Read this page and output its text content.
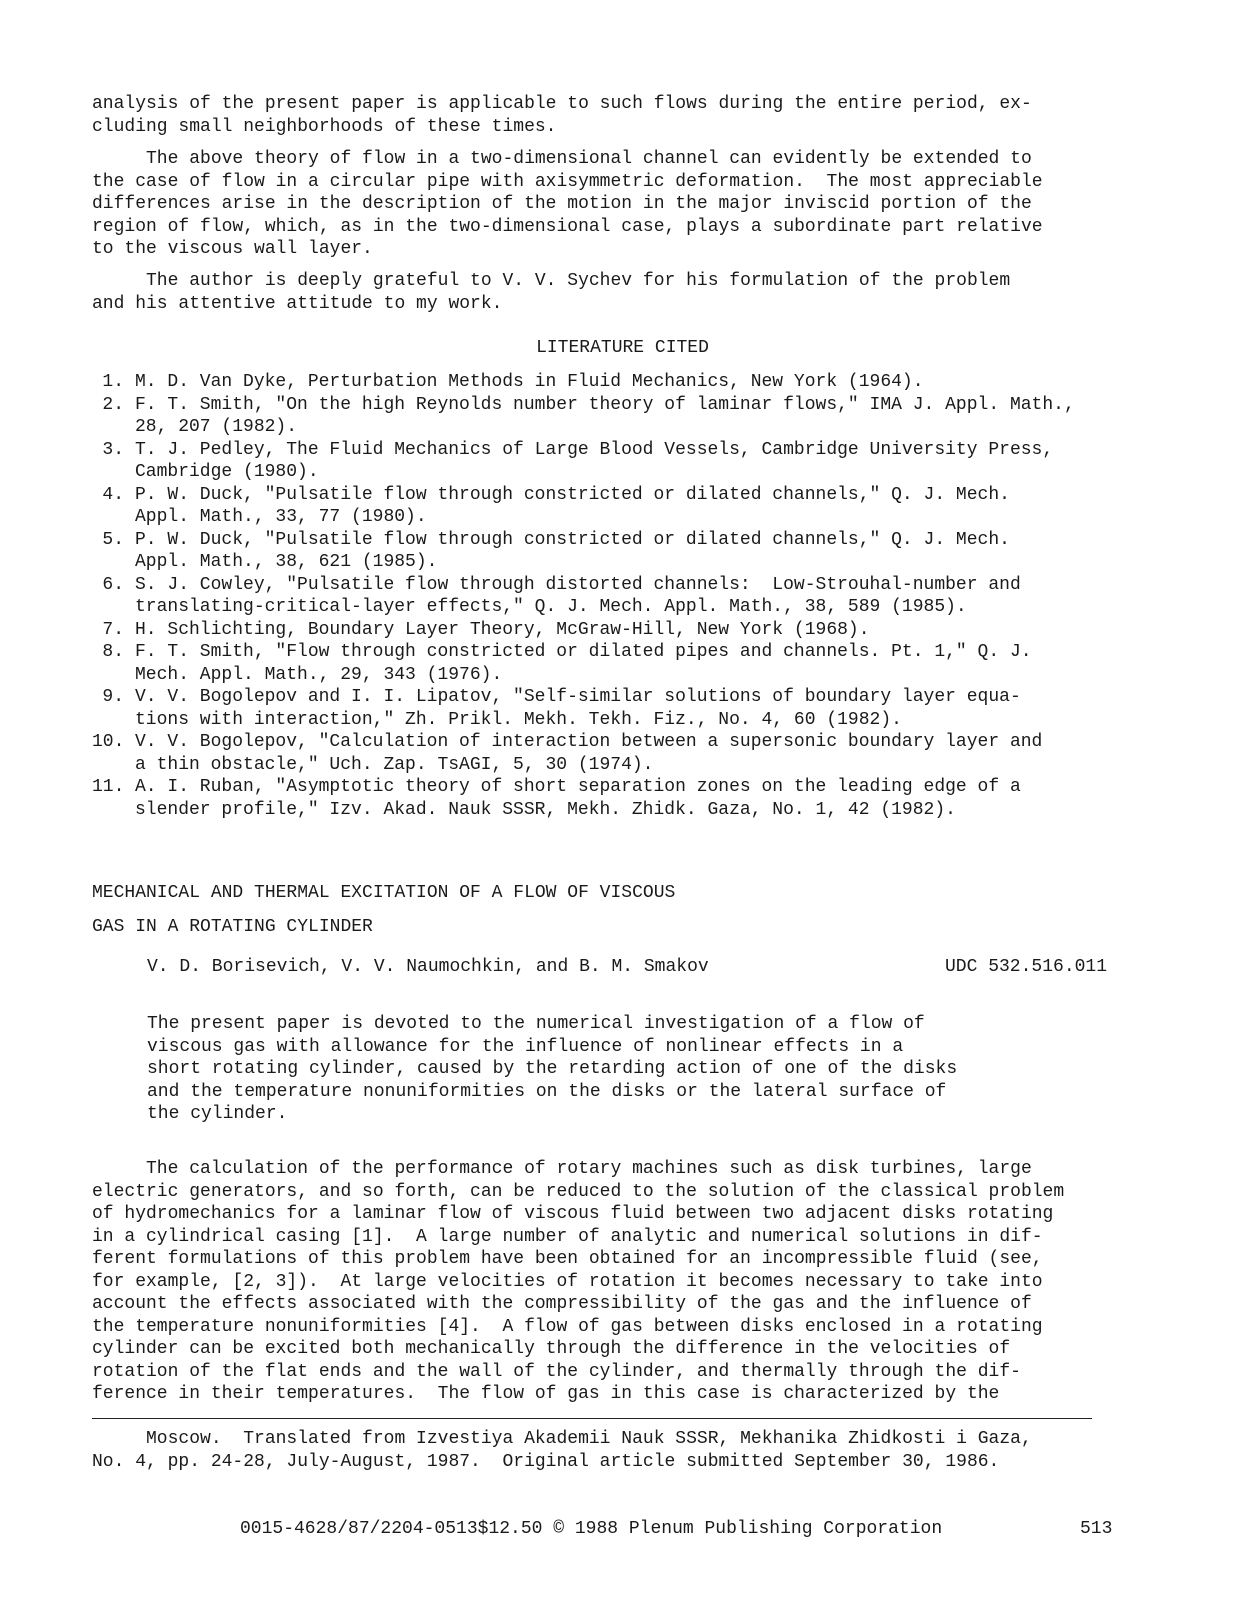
analysis of the present paper is applicable to such flows during the entire period, ex-
cluding small neighborhoods of these times.
The above theory of flow in a two-dimensional channel can evidently be extended to
the case of flow in a circular pipe with axisymmetric deformation.  The most appreciable
differences arise in the description of the motion in the major inviscid portion of the
region of flow, which, as in the two-dimensional case, plays a subordinate part relative
to the viscous wall layer.
The author is deeply grateful to V. V. Sychev for his formulation of the problem
and his attentive attitude to my work.
LITERATURE CITED
1. M. D. Van Dyke, Perturbation Methods in Fluid Mechanics, New York (1964).
2. F. T. Smith, "On the high Reynolds number theory of laminar flows," IMA J. Appl. Math.,
28, 207 (1982).
3. T. J. Pedley, The Fluid Mechanics of Large Blood Vessels, Cambridge University Press,
Cambridge (1980).
4. P. W. Duck, "Pulsatile flow through constricted or dilated channels," Q. J. Mech.
Appl. Math., 33, 77 (1980).
5. P. W. Duck, "Pulsatile flow through constricted or dilated channels," Q. J. Mech.
Appl. Math., 38, 621 (1985).
6. S. J. Cowley, "Pulsatile flow through distorted channels:  Low-Strouhal-number and
translating-critical-layer effects," Q. J. Mech. Appl. Math., 38, 589 (1985).
7. H. Schlichting, Boundary Layer Theory, McGraw-Hill, New York (1968).
8. F. T. Smith, "Flow through constricted or dilated pipes and channels. Pt. 1," Q. J.
Mech. Appl. Math., 29, 343 (1976).
9. V. V. Bogolepov and I. I. Lipatov, "Self-similar solutions of boundary layer equa-
tions with interaction," Zh. Prikl. Mekh. Tekh. Fiz., No. 4, 60 (1982).
10. V. V. Bogolepov, "Calculation of interaction between a supersonic boundary layer and
a thin obstacle," Uch. Zap. TsAGI, 5, 30 (1974).
11. A. I. Ruban, "Asymptotic theory of short separation zones on the leading edge of a
slender profile," Izv. Akad. Nauk SSSR, Mekh. Zhidk. Gaza, No. 1, 42 (1982).
MECHANICAL AND THERMAL EXCITATION OF A FLOW OF VISCOUS
GAS IN A ROTATING CYLINDER

V. D. Borisevich, V. V. Naumochkin, and B. M. Smakov	UDC 532.516.011

The present paper is devoted to the numerical investigation of a flow of
viscous gas with allowance for the influence of nonlinear effects in a
short rotating cylinder, caused by the retarding action of one of the disks
and the temperature nonuniformities on the disks or the lateral surface of
the cylinder.
The calculation of the performance of rotary machines such as disk turbines, large
electric generators, and so forth, can be reduced to the solution of the classical problem
of hydromechanics for a laminar flow of viscous fluid between two adjacent disks rotating
in a cylindrical casing [1].  A large number of analytic and numerical solutions in dif-
ferent formulations of this problem have been obtained for an incompressible fluid (see,
for example, [2, 3]).  At large velocities of rotation it becomes necessary to take into
account the effects associated with the compressibility of the gas and the influence of
the temperature nonuniformities [4].  A flow of gas between disks enclosed in a rotating
cylinder can be excited both mechanically through the difference in the velocities of
rotation of the flat ends and the wall of the cylinder, and thermally through the dif-
ference in their temperatures.  The flow of gas in this case is characterized by the
Moscow.  Translated from Izvestiya Akademii Nauk SSSR, Mekhanika Zhidkosti i Gaza,
No. 4, pp. 24-28, July-August, 1987.  Original article submitted September 30, 1986.

0015-4628/87/2204-0513$12.50 © 1988 Plenum Publishing Corporation	513
